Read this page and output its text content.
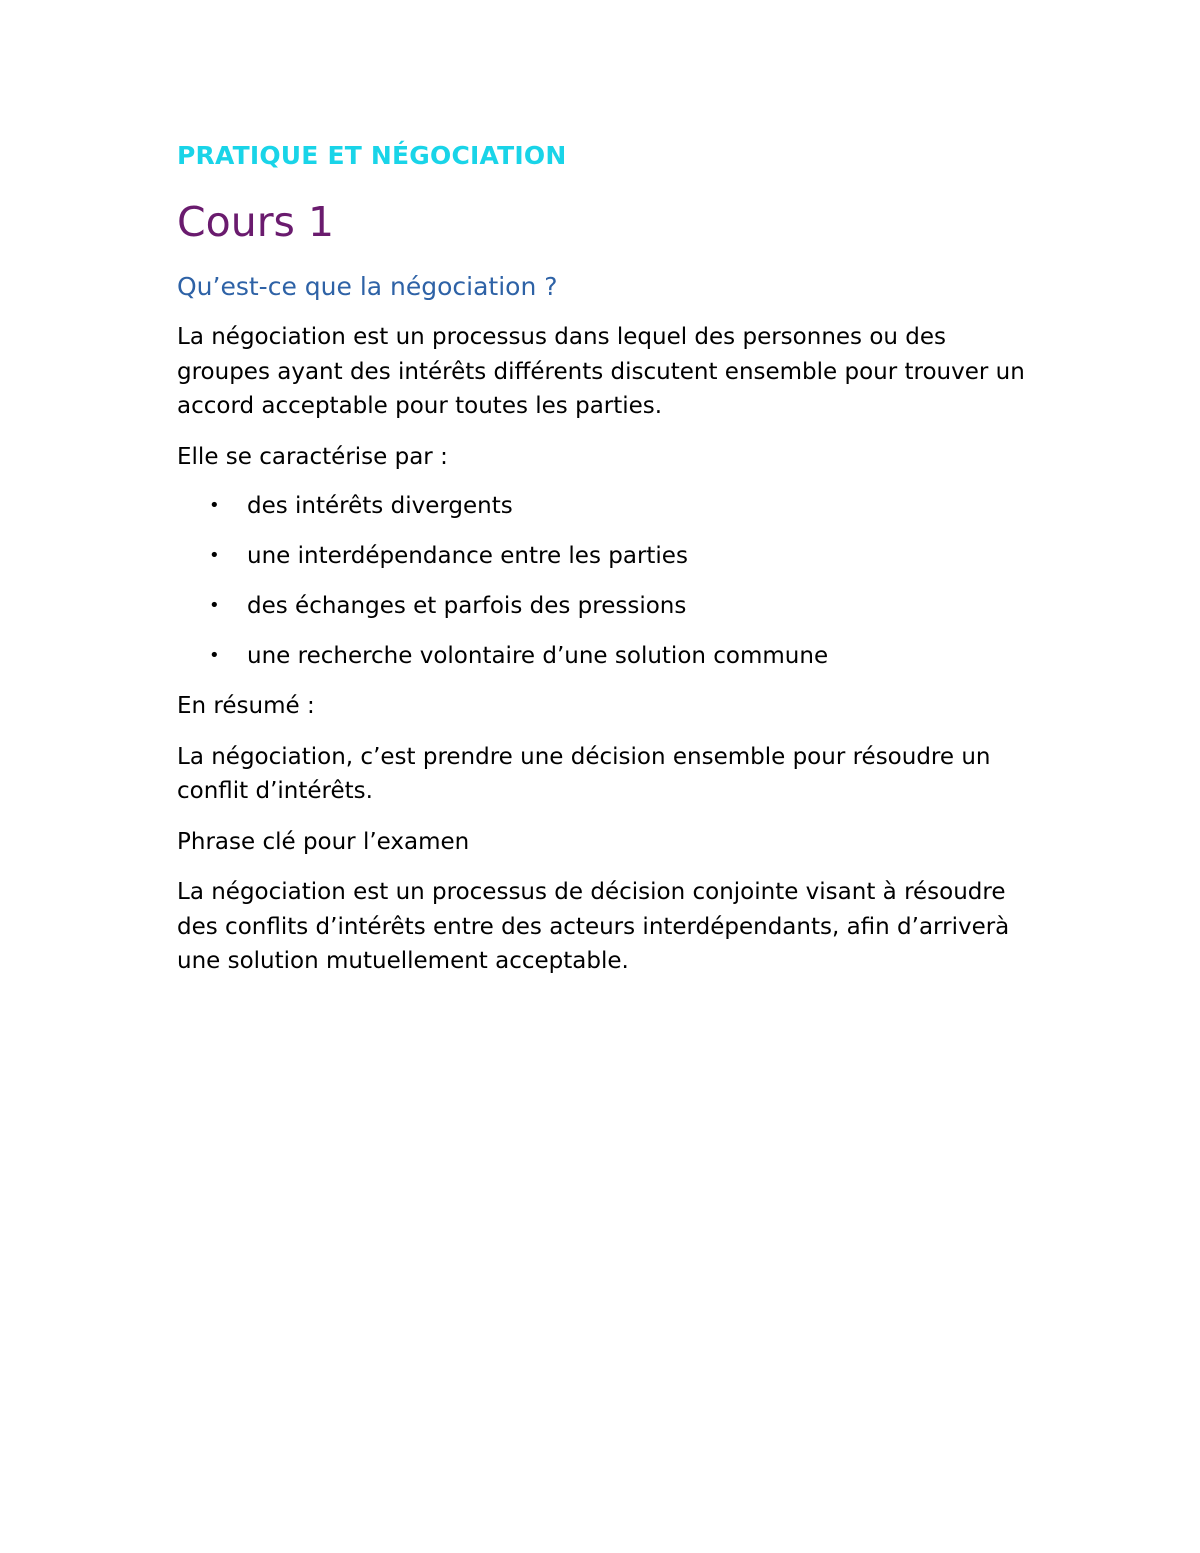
PRATIQUE ET NÉGOCIATION
Cours 1
Qu’est-ce que la négociation ?

La négociation est un processus dans lequel des personnes ou des groupes ayant des intérêts différents discutent ensemble pour trouver un accord acceptable pour toutes les parties.

Elle se caractérise par :

• des intérêts divergents
• une interdépendance entre les parties
• des échanges et parfois des pressions
• une recherche volontaire d’une solution commune

En résumé :

La négociation, c’est prendre une décision ensemble pour résoudre un conflit d’intérêts.

Phrase clé pour l’examen

La négociation est un processus de décision conjointe visant à résoudre des conflits d’intérêts entre des acteurs interdépendants, afin d’arriverà une solution mutuellement acceptable.
